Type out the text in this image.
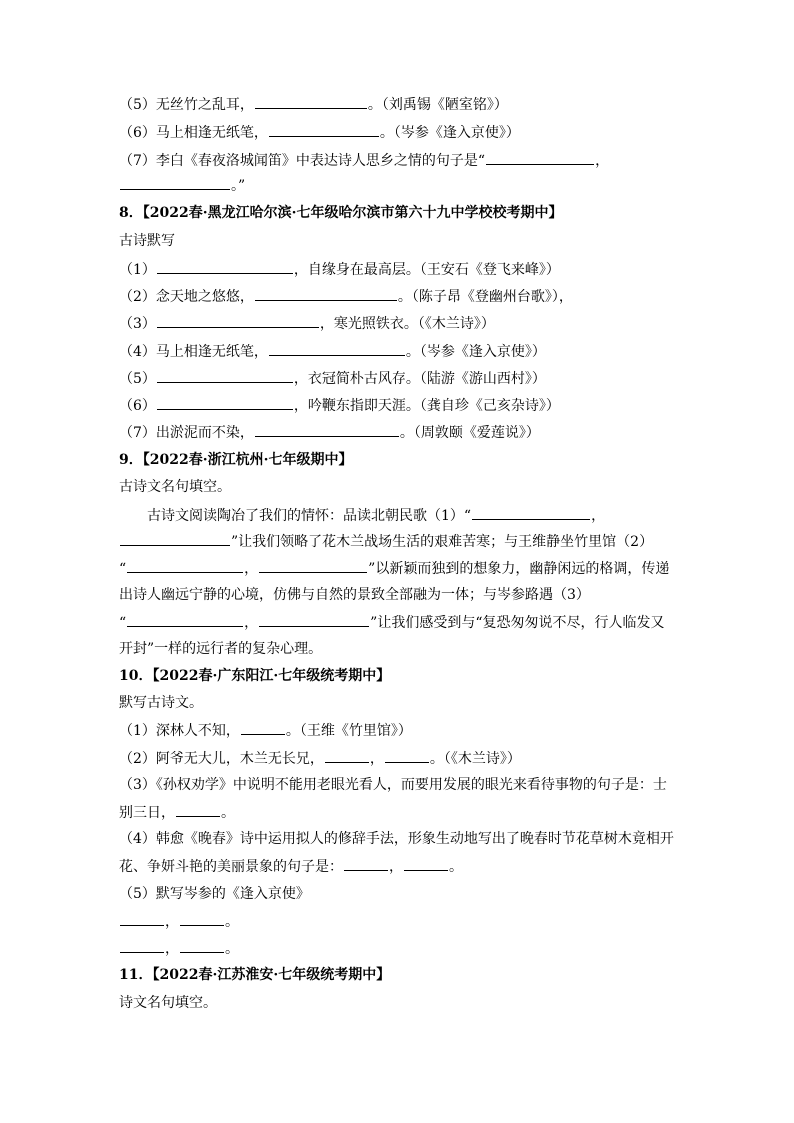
（5）无丝竹之乱耳，	。（刘禹锡《陋室铭》）
（6）马上相逢无纸笔，	。（岑参《逢入京使》）
（7）李白《春夜洛城闻笛》中表达诗人思乡之情的句子是“	，
。”
8．【2022春·黑龙江哈尔滨·七年级哈尔滨市第六十九中学校校考期中】
古诗默写
（1）	，自缘身在最高层。（王安石《登飞来峰》）
（2）念天地之悠悠，	。（陈子昂《登幽州台歌》），
（3）	，寒光照铁衣。（《木兰诗》）
（4）马上相逢无纸笔，	。（岑参《逢入京使》）
（5）	，衣冠简朴古风存。（陆游《游山西村》）
（6）	，吟鞭东指即天涯。（龚自珍《己亥杂诗》）
（7）出淤泥而不染，	。（周敦颐《爱莲说》）
9．【2022春·浙江杭州·七年级期中】
古诗文名句填空。
古诗文阅读陶冶了我们的情怀：品读北朝民歌（1）“	，
”让我们领略了花木兰战场生活的艰难苦寒；与王维静坐竹里馆（2）
“	，	”以新颖而独到的想象力，幽静闲远的格调，传递
出诗人幽远宁静的心境，仿佛与自然的景致全部融为一体；与岑参路遇（3）
“	，	”让我们感受到与“复恐匆匆说不尽，行人临发又
开封”一样的远行者的复杂心理。
10．【2022春·广东阳江·七年级统考期中】
默写古诗文。
（1）深林人不知，	。（王维《竹里馆》）
（2）阿爷无大儿，木兰无长兄，	，	。（《木兰诗》）
（3）《孙权劝学》中说明不能用老眼光看人，而要用发展的眼光来看待事物的句子是：士
别三日，	。
（4）韩愈《晚春》诗中运用拟人的修辞手法，形象生动地写出了晚春时节花草树木竟相开
花、争妍斗艳的美丽景象的句子是：	，	。
（5）默写岑参的《逢入京使》
，	。
，	。
11．【2022春·江苏淮安·七年级统考期中】
诗文名句填空。
